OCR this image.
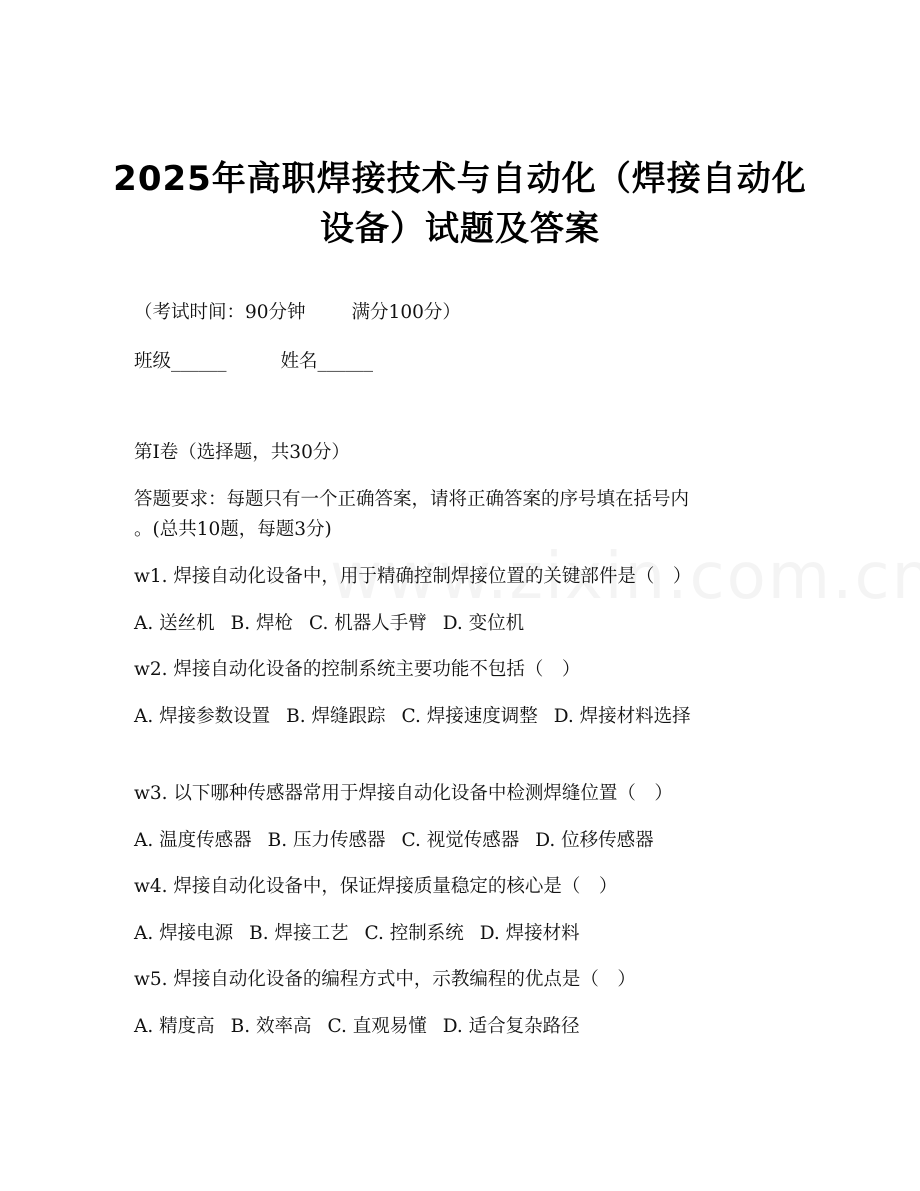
2025年高职焊接技术与自动化（焊接自动化
设备）试题及答案
（考试时间：90分钟 满分100分）
班级______	姓名______
第I卷（选择题，共30分）
答题要求：每题只有一个正确答案，请将正确答案的序号填在括号内
。(总共10题，每题3分)
w1. 焊接自动化设备中，用于精确控制焊接位置的关键部件是（　）
A. 送丝机 B. 焊枪 C. 机器人手臂 D. 变位机
w2. 焊接自动化设备的控制系统主要功能不包括（　）
A. 焊接参数设置 B. 焊缝跟踪 C. 焊接速度调整 D. 焊接材料选择
w3. 以下哪种传感器常用于焊接自动化设备中检测焊缝位置（　）
A. 温度传感器 B. 压力传感器 C. 视觉传感器 D. 位移传感器
w4. 焊接自动化设备中，保证焊接质量稳定的核心是（　）
A. 焊接电源 B. 焊接工艺 C. 控制系统 D. 焊接材料
w5. 焊接自动化设备的编程方式中，示教编程的优点是（　）
A. 精度高 B. 效率高 C. 直观易懂 D. 适合复杂路径
